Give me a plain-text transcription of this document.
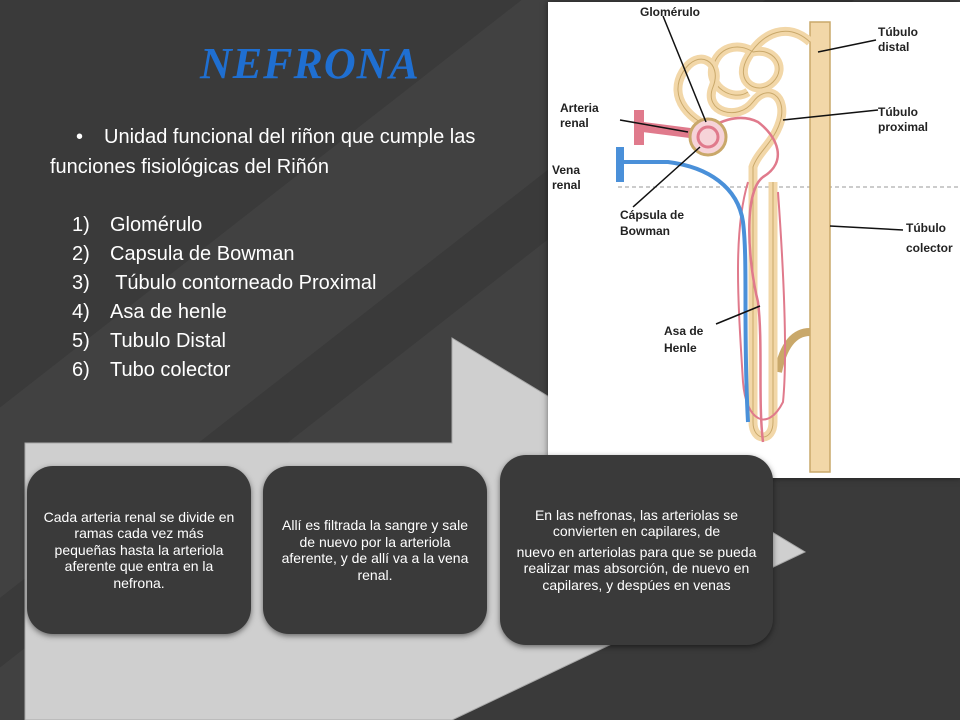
NEFRONA
• Unidad funcional del riñon que cumple las funciones fisiológicas del Riñón
1) Glomérulo
2) Capsula de Bowman
3) Túbulo contorneado Proximal
4) Asa de henle
5) Tubulo Distal
6) Tubo colector
Glomérulo
Túbulo
distal
Arteria
renal
Túbulo
proximal
Vena
renal
Cápsula de
Bowman	Túbulo
colector
Asa de
Henle

Cada arteria renal se divide en ramas cada vez más pequeñas hasta la arteriola aferente que entra en la nefrona.

Allí es filtrada la sangre y sale de nuevo por la arteriola aferente, y de allí va a la vena renal.

En las nefronas, las arteriolas se convierten en capilares, de

nuevo en arteriolas para que se pueda realizar mas absorción, de nuevo en capilares, y despúes en venas
